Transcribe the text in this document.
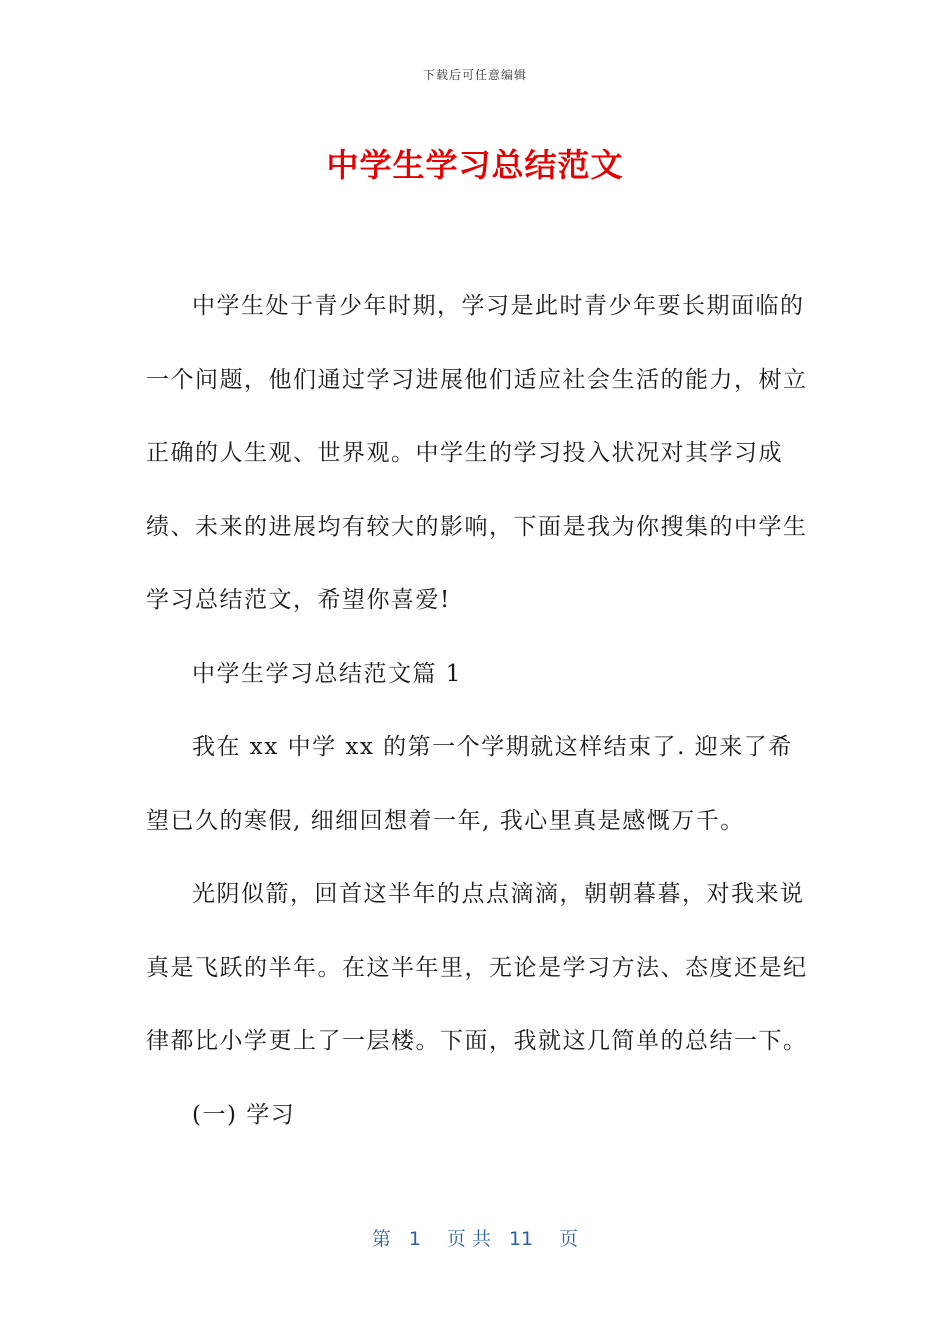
下载后可任意编辑
中学生学习总结范文

中学生处于青少年时期，学习是此时青少年要长期面临的一个问题，他们通过学习进展他们适应社会生活的能力，树立正确的人生观、世界观。中学生的学习投入状况对其学习成绩、未来的进展均有较大的影响，下面是我为你搜集的中学生学习总结范文，希望你喜爱!

中学生学习总结范文篇 1

我在 xx 中学 xx 的第一个学期就这样结束了. 迎来了希望已久的寒假, 细细回想着一年, 我心里真是感慨万千。

光阴似箭，回首这半年的点点滴滴，朝朝暮暮，对我来说真是飞跃的半年。在这半年里，无论是学习方法、态度还是纪律都比小学更上了一层楼。下面，我就这几简单的总结一下。

(一) 学习

第 1 页 共 11 页
